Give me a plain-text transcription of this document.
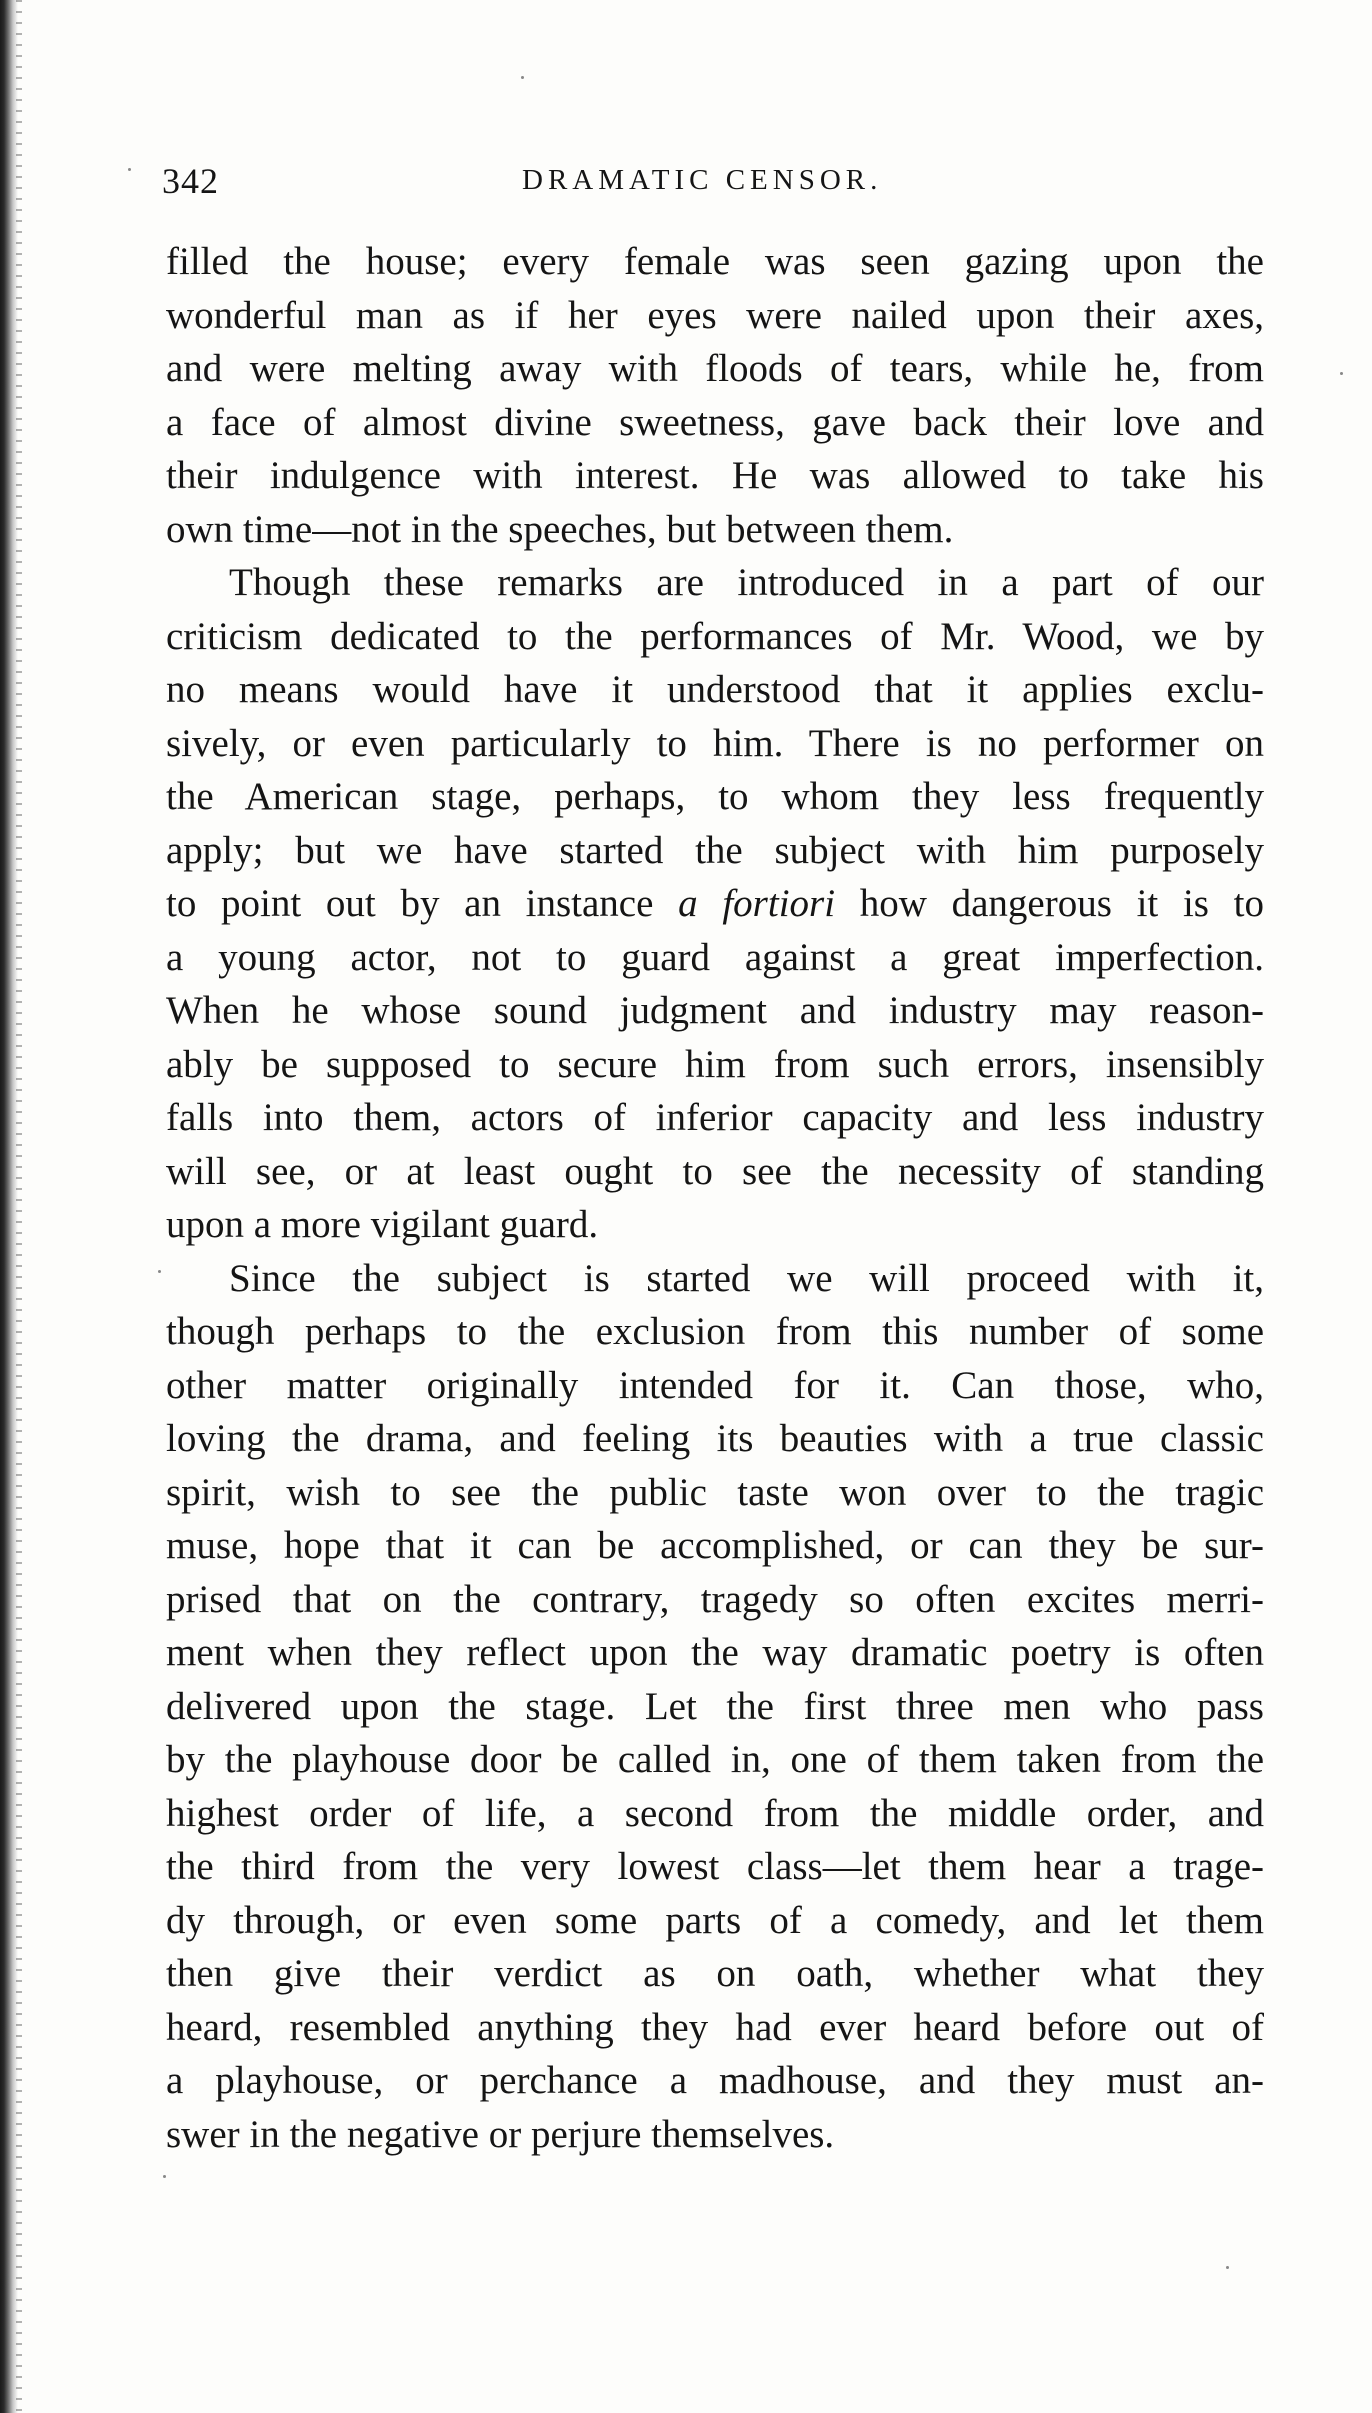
342	DRAMATIC CENSOR.
filled the house; every female was seen gazing upon the
wonderful man as if her eyes were nailed upon their axes,
and were melting away with floods of tears, while he, from
a face of almost divine sweetness, gave back their love and
their indulgence with interest. He was allowed to take his
own time—not in the speeches, but between them.
Though these remarks are introduced in a part of our
criticism dedicated to the performances of Mr. Wood, we by
no means would have it understood that it applies exclu-
sively, or even particularly to him. There is no performer on
the American stage, perhaps, to whom they less frequently
apply; but we have started the subject with him purposely
to point out by an instance a fortiori how dangerous it is to
a young actor, not to guard against a great imperfection.
When he whose sound judgment and industry may reason-
ably be supposed to secure him from such errors, insensibly
falls into them, actors of inferior capacity and less industry
will see, or at least ought to see the necessity of standing
upon a more vigilant guard.
Since the subject is started we will proceed with it,
though perhaps to the exclusion from this number of some
other matter originally intended for it. Can those, who,
loving the drama, and feeling its beauties with a true classic
spirit, wish to see the public taste won over to the tragic
muse, hope that it can be accomplished, or can they be sur-
prised that on the contrary, tragedy so often excites merri-
ment when they reflect upon the way dramatic poetry is often
delivered upon the stage. Let the first three men who pass
by the playhouse door be called in, one of them taken from the
highest order of life, a second from the middle order, and
the third from the very lowest class—let them hear a trage-
dy through, or even some parts of a comedy, and let them
then give their verdict as on oath, whether what they
heard, resembled anything they had ever heard before out of
a playhouse, or perchance a madhouse, and they must an-
swer in the negative or perjure themselves.
